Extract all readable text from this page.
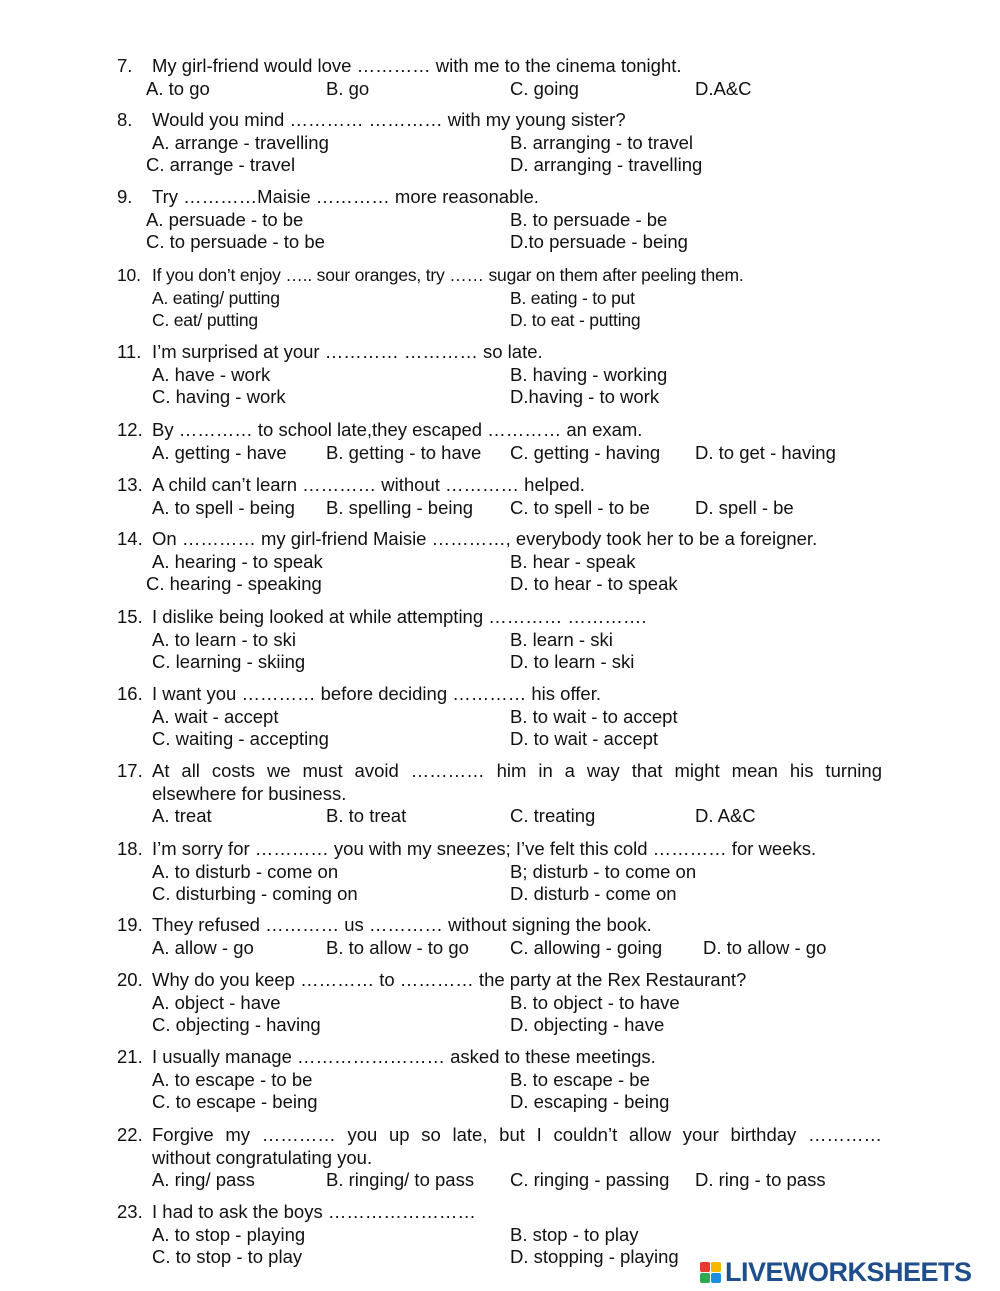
7.	My girl-friend would love ………… with me to the cinema tonight.
A. to go	B. go	C. going	D.A&C
8.	Would you mind ………… ………… with my young sister?
A. arrange - travelling	B. arranging - to travel
C. arrange - travel	D. arranging - travelling
9.	Try …………Maisie ………… more reasonable.
A. persuade - to be	B. to persuade - be
C. to persuade - to be	D.to persuade - being
10. If you don’t enjoy ….. sour oranges, try …… sugar on them after peeling them.
A. eating/ putting	B. eating - to put
C. eat/ putting	D. to eat - putting
11. I’m surprised at your ………… ………… so late.
A. have - work	B. having - working
C. having - work	D.having - to work
12. By ………… to school late,they escaped ………… an exam.
A. getting - have B. getting - to have C. getting - having D. to get - having
13. A child can’t learn ………… without ………… helped.
A. to spell - being B. spelling - being C. to spell - to be D. spell - be
14. On ………… my girl-friend Maisie …………, everybody took her to be a foreigner.
A. hearing - to speak	B. hear - speak
C. hearing - speaking	D. to hear - to speak
15. I dislike being looked at while attempting ………… ………….
A. to learn - to ski	B. learn - ski
C. learning - skiing	D. to learn - ski
16. I want you ………… before deciding ………… his offer.
A. wait - accept	B. to wait - to accept
C. waiting - accepting	D. to wait - accept
17. At all costs we must avoid ………… him in a way that might mean his turning
elsewhere for business.
A. treat	B. to treat	C. treating	D. A&C
18. I’m sorry for ………… you with my sneezes; I’ve felt this cold ………… for weeks.
A. to disturb - come on	B; disturb - to come on
C. disturbing - coming on	D. disturb - come on
19. They refused ………… us ………… without signing the book.
A. allow - go	B. to allow - to go C. allowing - going D. to allow - go
20. Why do you keep ………… to ………… the party at the Rex Restaurant?
A. object - have	B. to object - to have
C. objecting - having	D. objecting - have
21. I usually manage …………………… asked to these meetings.
A. to escape - to be	B. to escape - be
C. to escape - being	D. escaping - being
22. Forgive my ………… you up so late, but I couldn’t allow your birthday …………
without congratulating you.
A. ring/ pass	B. ringing/ to pass C. ringing - passing D. ring - to pass
23. I had to ask the boys ……………………
A. to stop - playing	B. stop - to play
C. to stop - to play	D. stopping - playing LIVEWORKSHEETS
